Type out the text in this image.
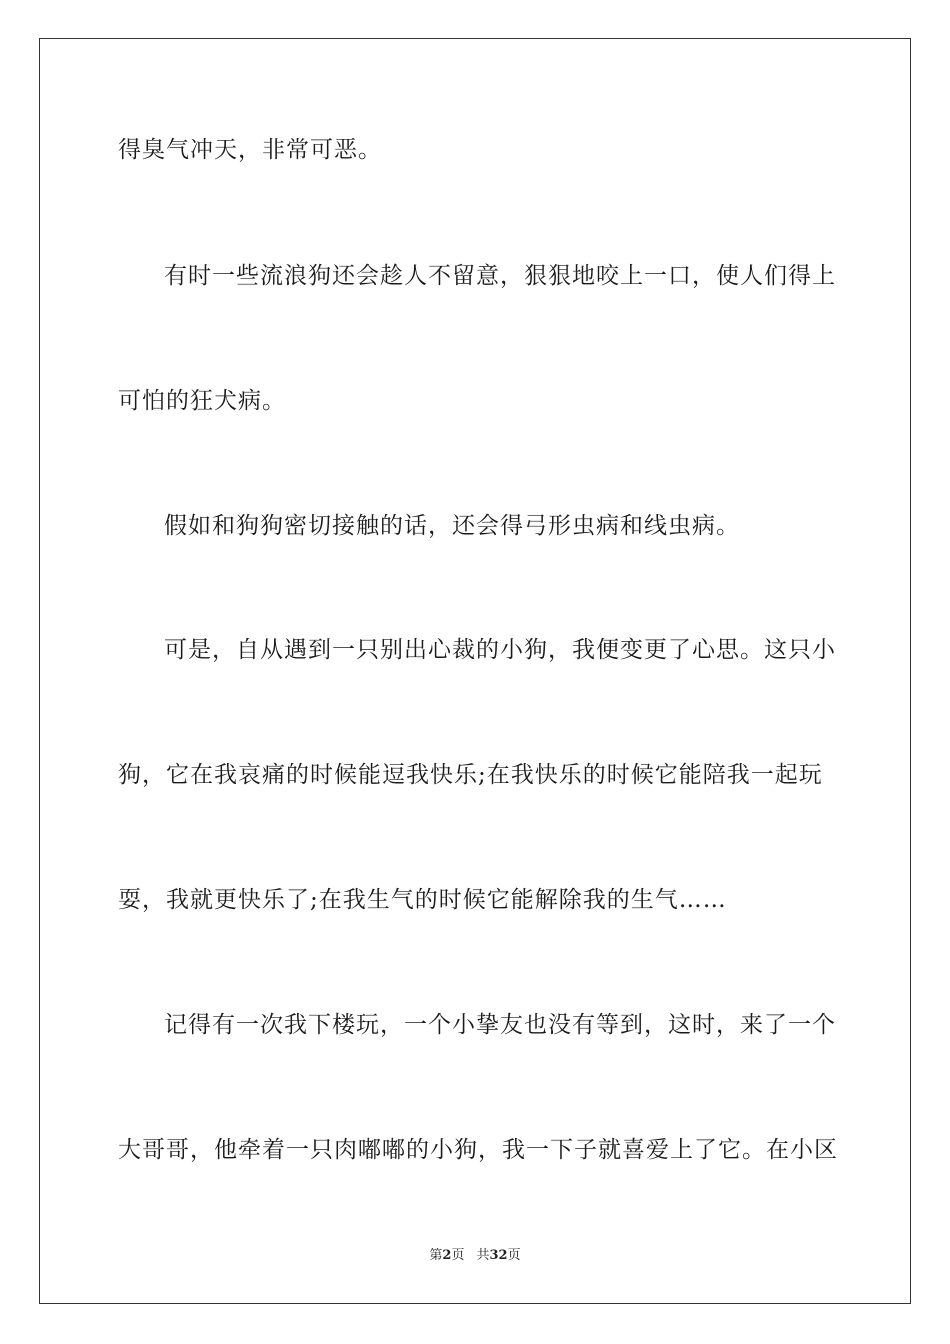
得臭气冲天，非常可恶。
有时一些流浪狗还会趁人不留意，狠狠地咬上一口，使人们得上
可怕的狂犬病。
假如和狗狗密切接触的话，还会得弓形虫病和线虫病。
可是，自从遇到一只别出心裁的小狗，我便变更了心思。这只小
狗，它在我哀痛的时候能逗我快乐;在我快乐的时候它能陪我一起玩
耍，我就更快乐了;在我生气的时候它能解除我的生气……
记得有一次我下楼玩，一个小挚友也没有等到，这时，来了一个
大哥哥，他牵着一只肉嘟嘟的小狗，我一下子就喜爱上了它。在小区
第2页 共32页
